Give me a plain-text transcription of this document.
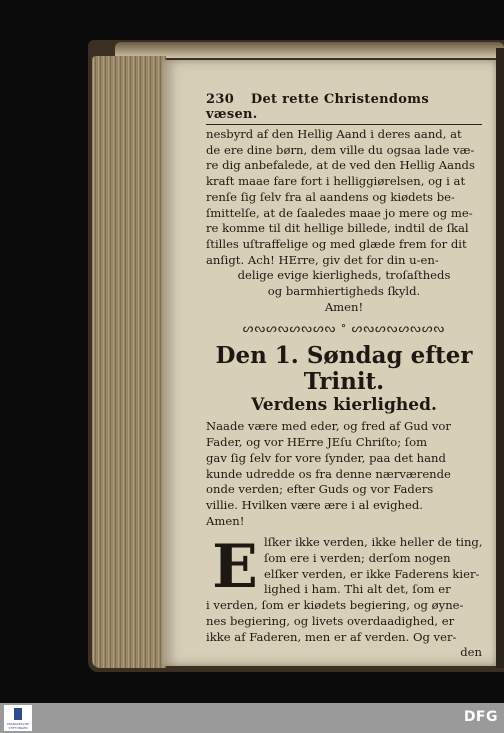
230 Det rette Christendoms væsen.
nesbyrd af den Hellig Aand i deres aand, at
de ere dine børn, dem ville du ogsaa lade væ-
re dig anbefalede, at de ved den Hellig Aands
kraft maae fare fort i helliggiørelsen, og i at
renſe ſig ſelv fra al aandens og kiødets be-
ſmittelſe, at de ſaaledes maae jo mere og me-
re komme til dit hellige billede, indtil de ſkal
ſtilles uſtraffelige og med glæde frem for dit
anſigt. Ach! HErre, giv det for din u-en-
delige evige kierligheds, troſaſtheds
og barmhiertigheds ſkyld.
Amen!
ᔕᔓᔕᔓᔕᔓᔕᔓ ᐤ ᔕᔓᔕᔓᔕᔓᔕᔓ
Den 1. Søndag efter Trinit.
Verdens kierlighed.
Naade være med eder, og fred af Gud vor
Fader, og vor HErre JEſu Chriſto; ſom
gav ſig ſelv for vore ſynder, paa det hand
kunde udredde os fra denne nærværende
onde verden; efter Guds og vor Faders
villie. Hvilken være ære i al evighed.
Amen!
E lſker ikke verden, ikke heller de ting,
ſom ere i verden; derſom nogen
elſker verden, er ikke Faderens kier-
lighed i ham. Thi alt det, ſom er
i verden, ſom er kiødets begiering, og øyne-
nes begiering, og livets overdaadighed, er
ikke af Faderen, men er af verden. Og ver-
den
FRANCKESCHE STIFTUNGEN
DFG
